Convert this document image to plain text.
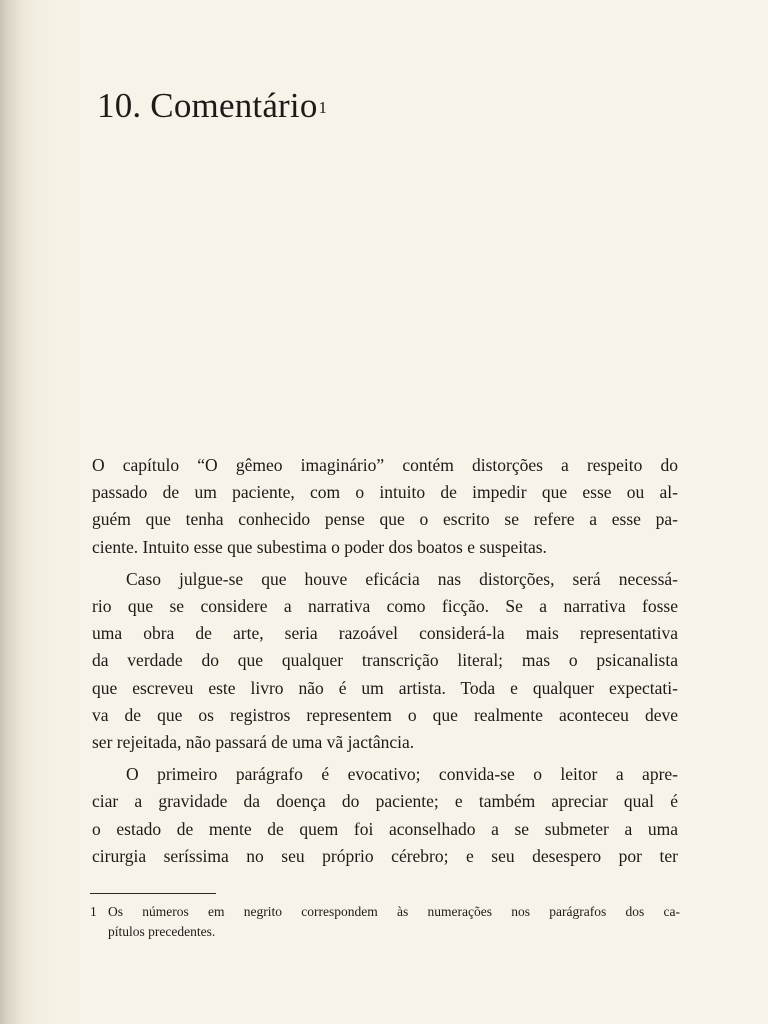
10. Comentário$^1$

O capítulo “O gêmeo imaginário” contém distorções a respeito do
passado de um paciente, com o intuito de impedir que esse ou al-
guém que tenha conhecido pense que o escrito se refere a esse pa-
ciente. Intuito esse que subestima o poder dos boatos e suspeitas.

Caso julgue-se que houve eficácia nas distorções, será necessá-
rio que se considere a narrativa como ficção. Se a narrativa fosse
uma obra de arte, seria razoável considerá-la mais representativa
da verdade do que qualquer transcrição literal; mas o psicanalista
que escreveu este livro não é um artista. Toda e qualquer expectati-
va de que os registros representem o que realmente aconteceu deve
ser rejeitada, não passará de uma vã jactância.

O primeiro parágrafo é evocativo; convida-se o leitor a apre-
ciar a gravidade da doença do paciente; e também apreciar qual é
o estado de mente de quem foi aconselhado a se submeter a uma
cirurgia seríssima no seu próprio cérebro; e seu desespero por ter

1 Os números em negrito correspondem às numerações nos parágrafos dos ca-
pítulos precedentes.
